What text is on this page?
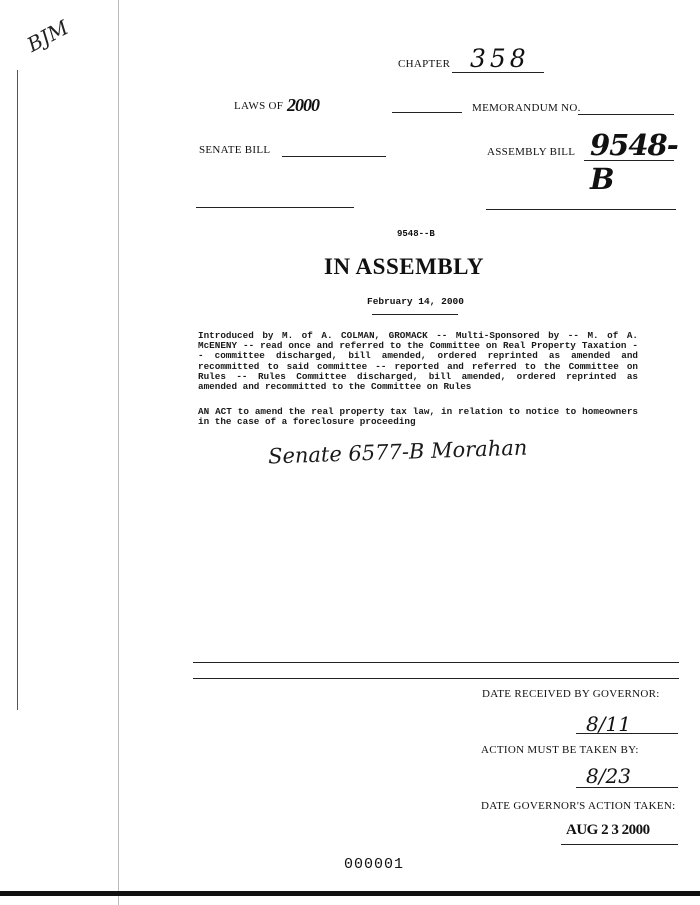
BJM
CHAPTER 358
LAWS OF 2000	MEMORANDUM NO.
SENATE BILL	ASSEMBLY BILL 9548-B
9548--B
IN ASSEMBLY
February 14, 2000
Introduced by M. of A. COLMAN, GROMACK -- Multi-Sponsored by -- M. of A. McENENY -- read once and referred to the Committee on Real Property Taxation -- committee discharged, bill amended, ordered reprinted as amended and recommitted to said committee -- reported and referred to the Committee on Rules -- Rules Committee discharged, bill amended, ordered reprinted as amended and recommitted to the Committee on Rules
AN ACT to amend the real property tax law, in relation to notice to homeowners in the case of a foreclosure proceeding
Senate 6577-B Morahan
DATE RECEIVED BY GOVERNOR:
8/11
ACTION MUST BE TAKEN BY:
8/23
DATE GOVERNOR'S ACTION TAKEN:
AUG 2 3 2000
000001
